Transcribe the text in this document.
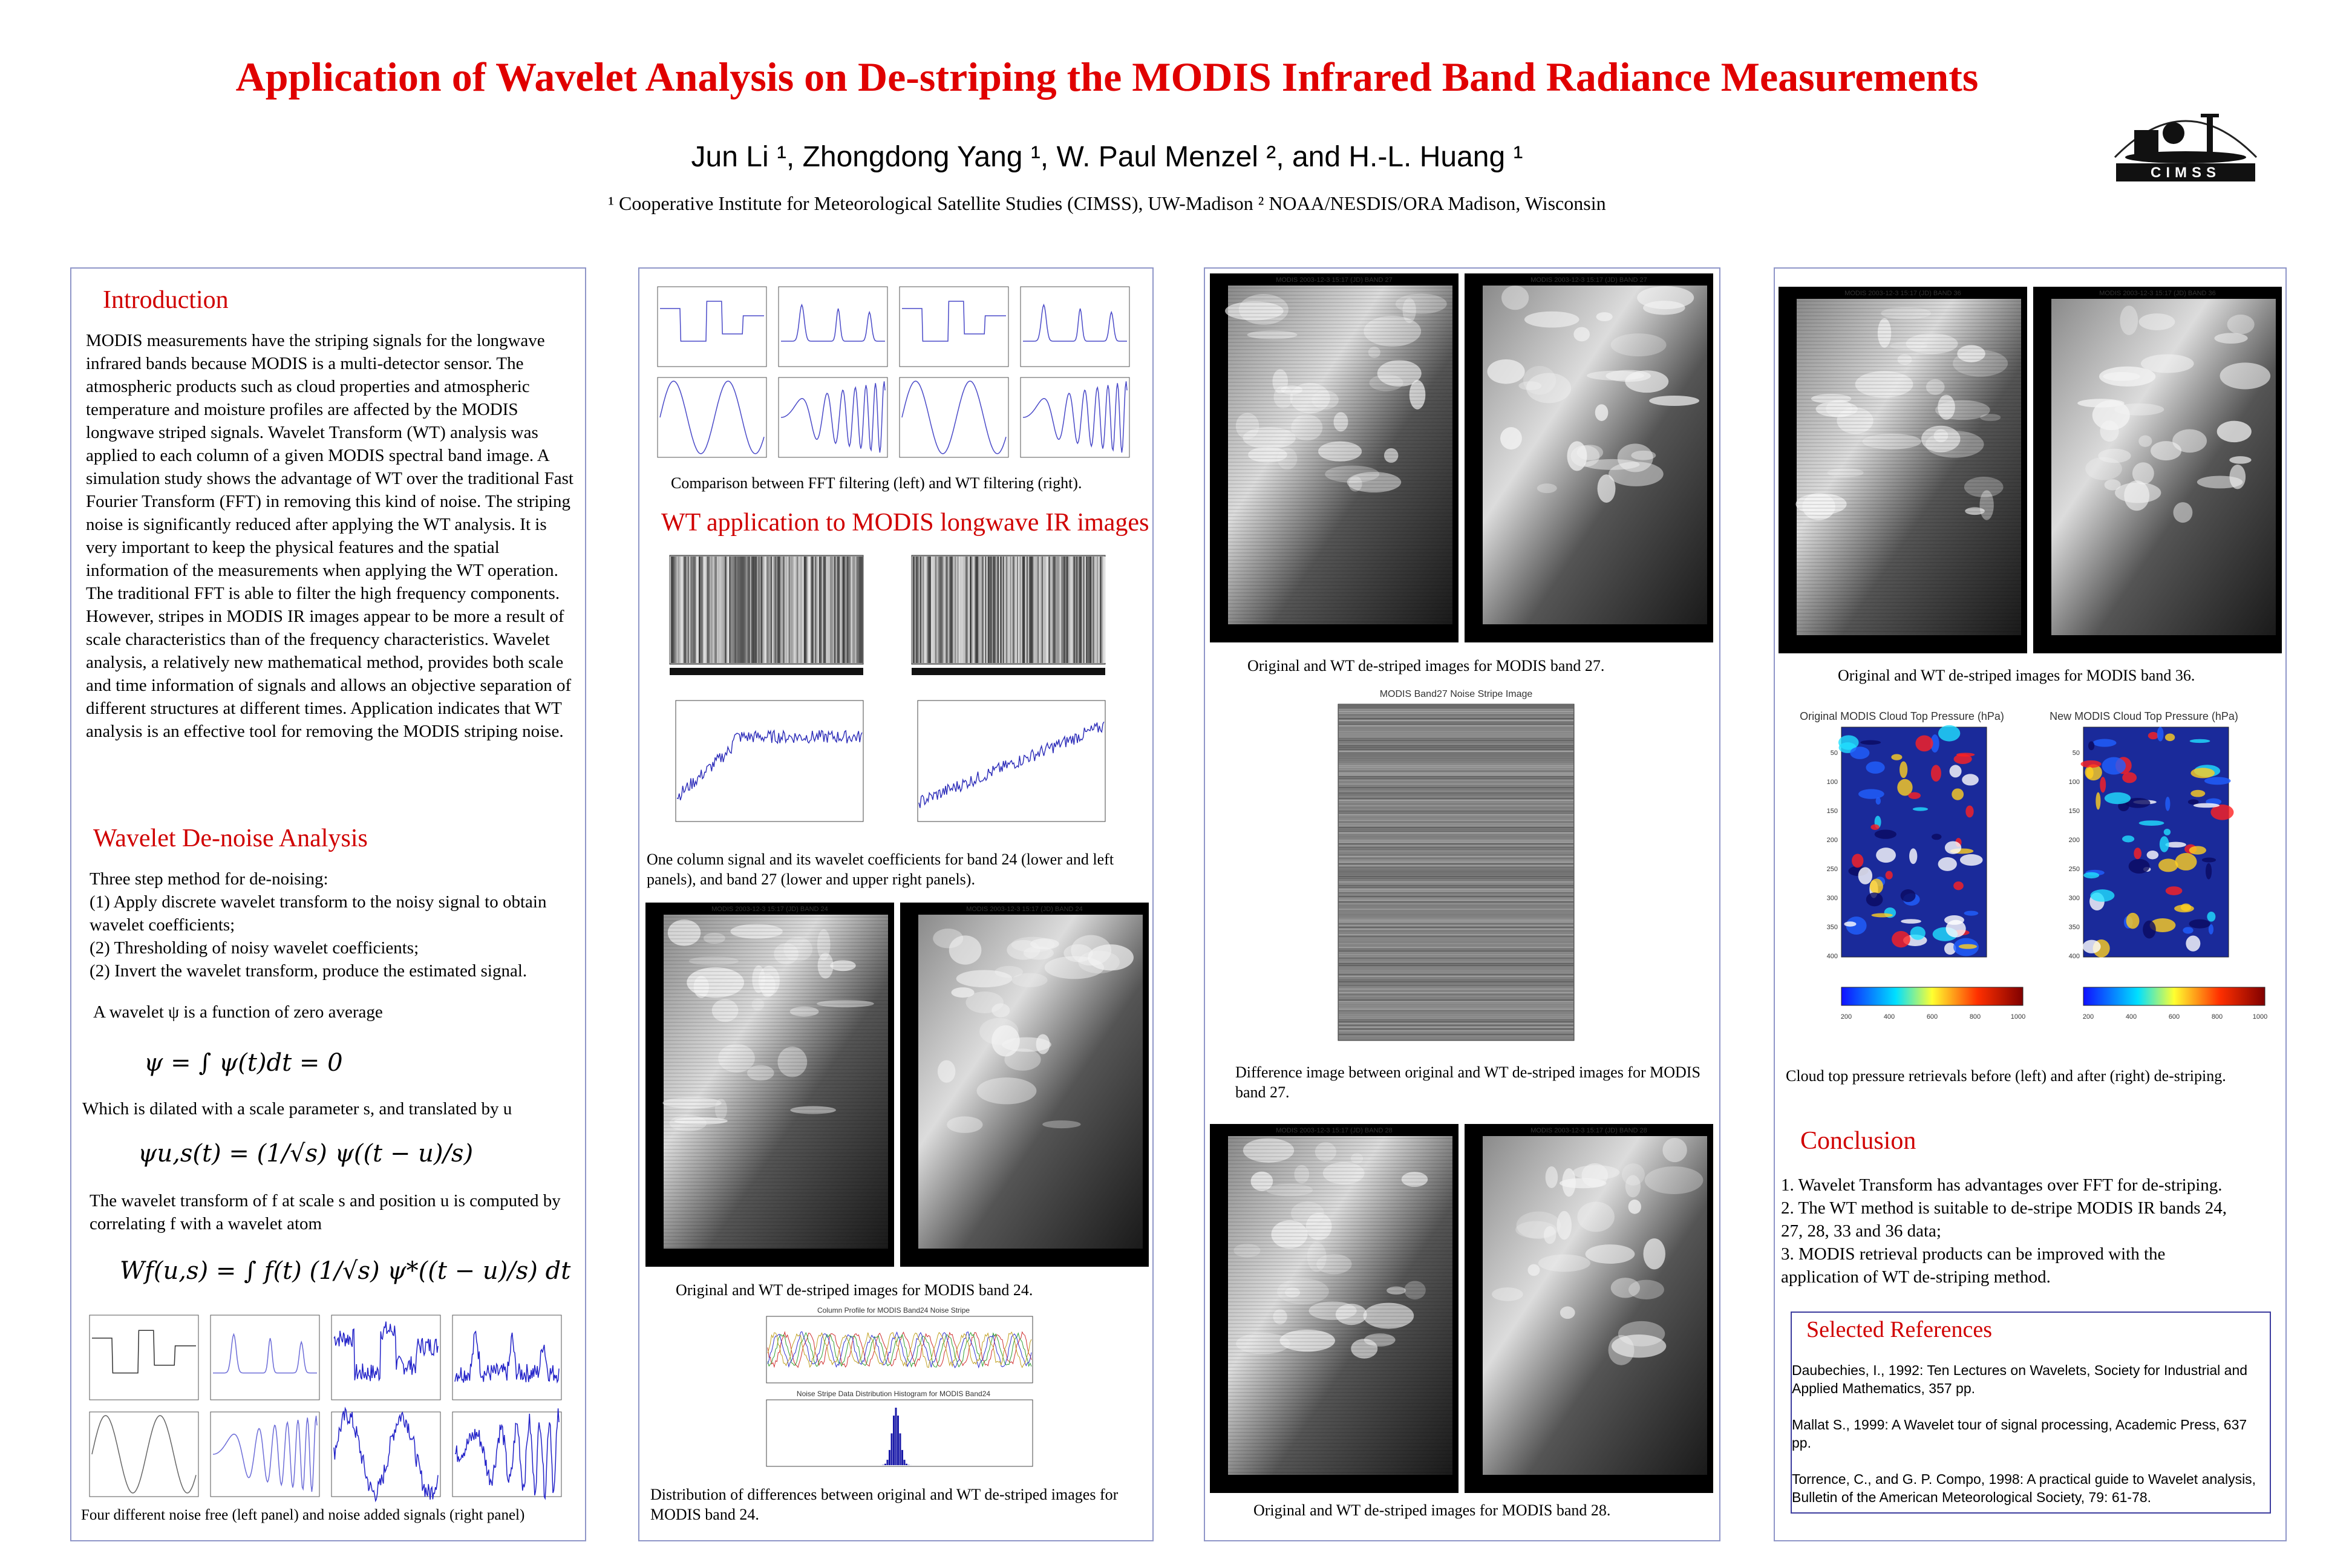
Application of Wavelet Analysis on De-striping the MODIS Infrared Band Radiance Measurements
Jun Li ¹, Zhongdong Yang ¹, W. Paul Menzel ², and H.-L. Huang ¹
¹ Cooperative Institute for Meteorological Satellite Studies (CIMSS), UW-Madison ² NOAA/NESDIS/ORA Madison, Wisconsin
CIMSS
Introduction
MODIS measurements have the striping signals for the longwave infrared bands because MODIS is a multi-detector sensor. The atmospheric products such as cloud properties and atmospheric temperature and moisture profiles are affected by the MODIS longwave striped signals. Wavelet Transform (WT) analysis was applied to each column of a given MODIS spectral band image. A simulation study shows the advantage of WT over the traditional Fast Fourier Transform (FFT) in removing this kind of noise. The striping noise is significantly reduced after applying the WT analysis. It is very important to keep the physical features and the spatial information of the measurements when applying the WT operation. The traditional FFT is able to filter the high frequency components. However, stripes in MODIS IR images appear to be more a result of scale characteristics than of the frequency characteristics. Wavelet analysis, a relatively new mathematical method, provides both scale and time information of signals and allows an objective separation of different structures at different times. Application indicates that WT analysis is an effective tool for removing the MODIS striping noise.
Wavelet De-noise Analysis
Three step method for de-noising:
(1) Apply discrete wavelet transform to the noisy signal to obtain wavelet coefficients;
(2) Thresholding of noisy wavelet coefficients;
(2) Invert the wavelet transform, produce the estimated signal.
A wavelet ψ is a function of zero average
ψ = ∫ ψ(t)dt = 0
Which is dilated with a scale parameter s, and translated by u
ψu,s(t) = (1/√s) ψ((t − u)/s)
The wavelet transform of f at scale s and position u is computed by correlating f with a wavelet atom
Wf(u,s) = ∫ f(t) (1/√s) ψ*((t − u)/s) dt
Four different noise free (left panel) and noise added signals (right panel)
Comparison between FFT filtering (left) and WT filtering (right).
WT application to MODIS longwave IR images
One column signal and its wavelet coefficients for band 24 (lower and left panels), and band 27 (lower and upper right panels).
MODIS 2003-12-3 15:17 (JD) BAND 24	MODIS 2003-12-3 15:17 (JD) BAND 24
Original and WT de-striped images for MODIS band 24.
Column Profile for MODIS Band24 Noise Stripe
Noise Stripe Data Distribution Histogram for MODIS Band24
Distribution of differences between original and WT de-striped images for MODIS band 24.
MODIS 2003-12-3 15:17 (JD) BAND 27	MODIS 2003-12-3 15:17 (JD) BAND 27
Original and WT de-striped images for MODIS band 27.
MODIS Band27 Noise Stripe Image
Difference image between original and WT de-striped images for MODIS band 27.
MODIS 2003-12-3 15:17 (JD) BAND 28	MODIS 2003-12-3 15:17 (JD) BAND 28
Original and WT de-striped images for MODIS band 28.
MODIS 2003-12-3 15:17 (JD) BAND 36	MODIS 2003-12-3 15:17 (JD) BAND 36
Original and WT de-striped images for MODIS band 36.
Original MODIS Cloud Top Pressure (hPa)
50
100
150
200
250
300
350
400
200	400	600	800	1000
New MODIS Cloud Top Pressure (hPa)
50
100
150
200
250
300
350
400
200	400	600	800	1000
Cloud top pressure retrievals before (left) and after (right) de-striping.
Conclusion
1. Wavelet Transform has advantages over FFT for de-striping.
2. The WT method is suitable to de-stripe MODIS IR bands 24, 27, 28, 33 and 36 data;
3. MODIS retrieval products can be improved with the application of WT de-striping method.
Selected References
Daubechies, I., 1992: Ten Lectures on Wavelets, Society for Industrial and Applied Mathematics, 357 pp.
Mallat S., 1999: A Wavelet tour of signal processing, Academic Press, 637 pp.
Torrence, C., and G. P. Compo, 1998: A practical guide to Wavelet analysis, Bulletin of the American Meteorological Society, 79: 61-78.
